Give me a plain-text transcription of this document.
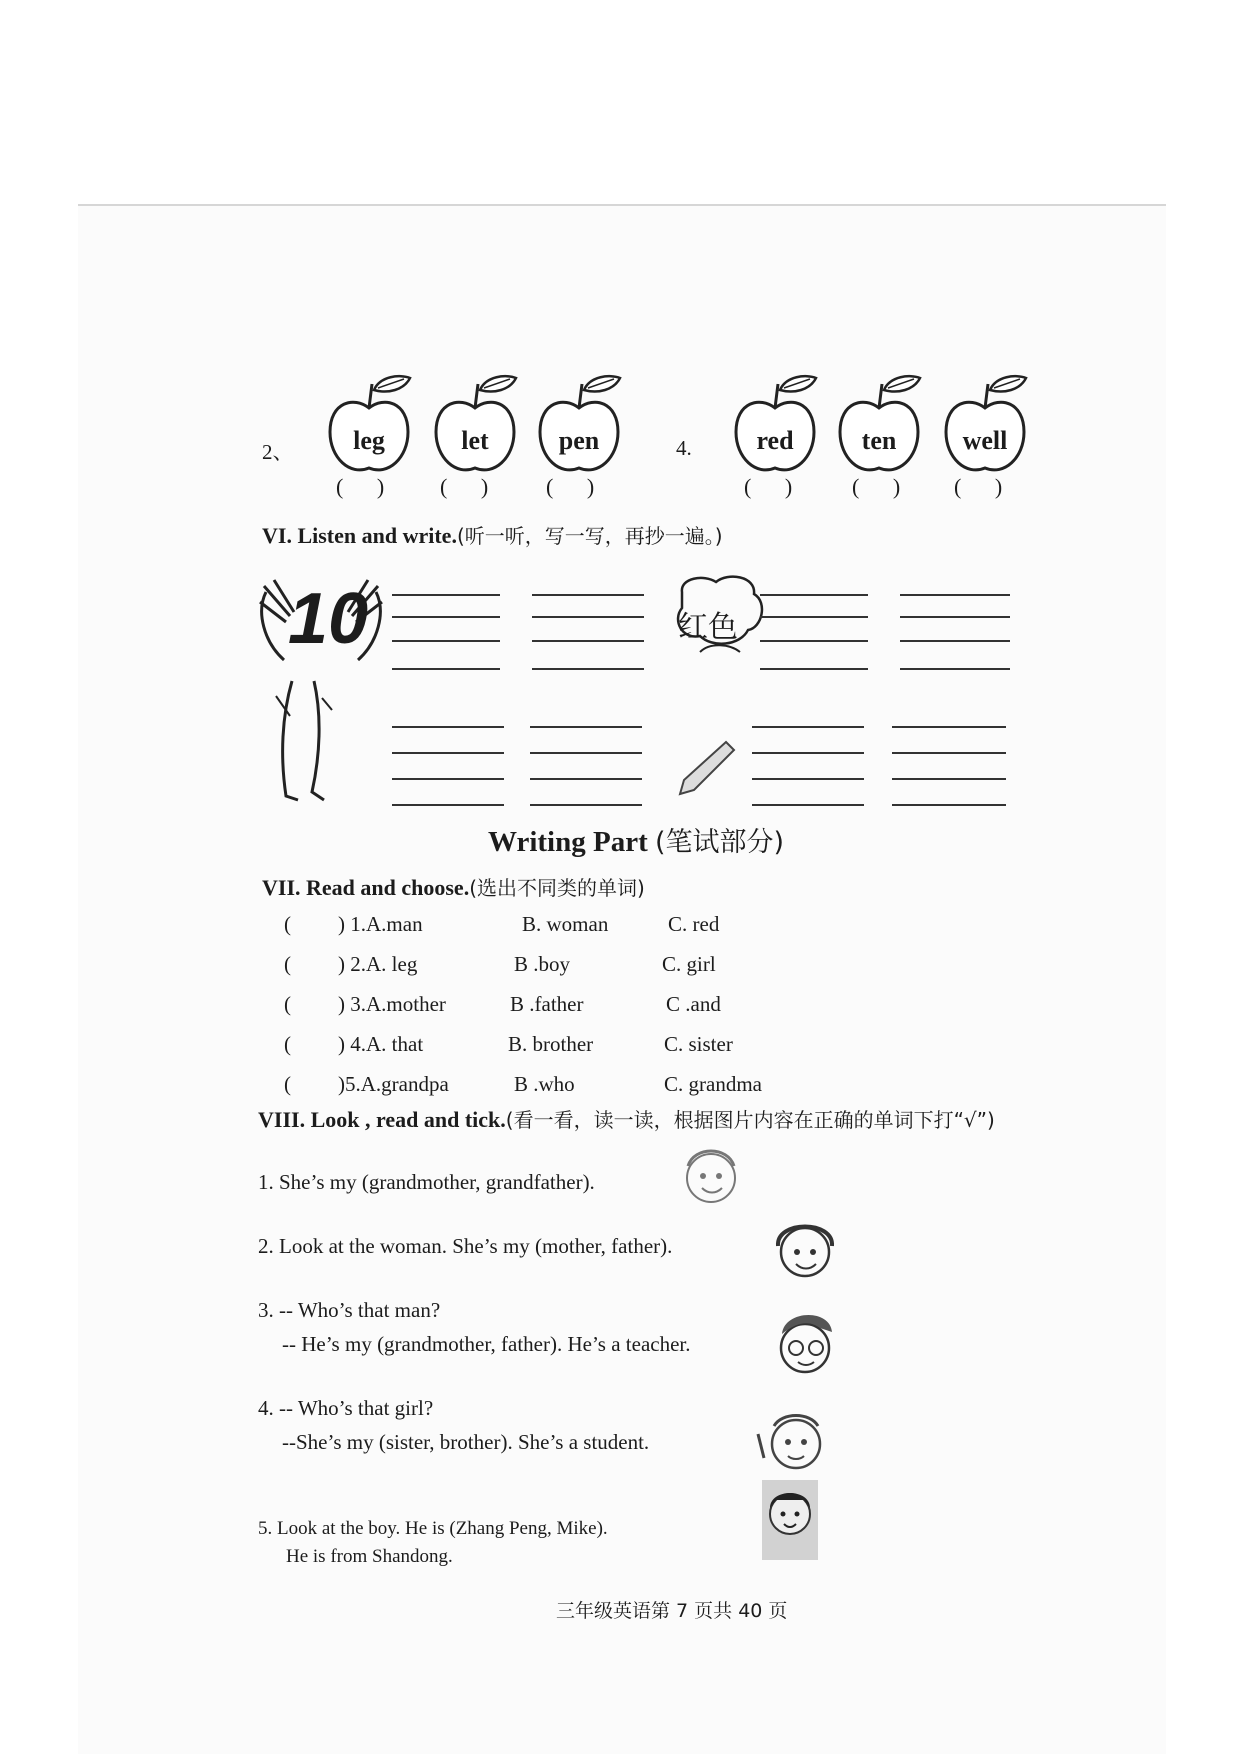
2、	4.
leg	let	pen	red	ten	well
( ) ( ) ( )	( ) ( ) ( )
VI. Listen and write.(听一听，写一写，再抄一遍。)
10	红色
Writing Part (笔试部分)
VII. Read and choose.(选出不同类的单词)
( ) 1.A.man	B. woman	C. red
( ) 2.A. leg	B .boy	C. girl
( ) 3.A.mother	B .father	C .and
( ) 4.A. that	B. brother	C. sister
( )5.A.grandpa	B .who	C. grandma
VIII. Look , read and tick.(看一看，读一读，根据图片内容在正确的单词下打“√”)
1. She’s my (grandmother, grandfather).
2. Look at the woman. She’s my (mother, father).
3. -- Who’s that man?
-- He’s my (grandmother, father). He’s a teacher.
4. -- Who’s that girl?
--She’s my (sister, brother). She’s a student.
5. Look at the boy. He is (Zhang Peng, Mike).
He is from Shandong.
三年级英语第 7 页共 40 页
